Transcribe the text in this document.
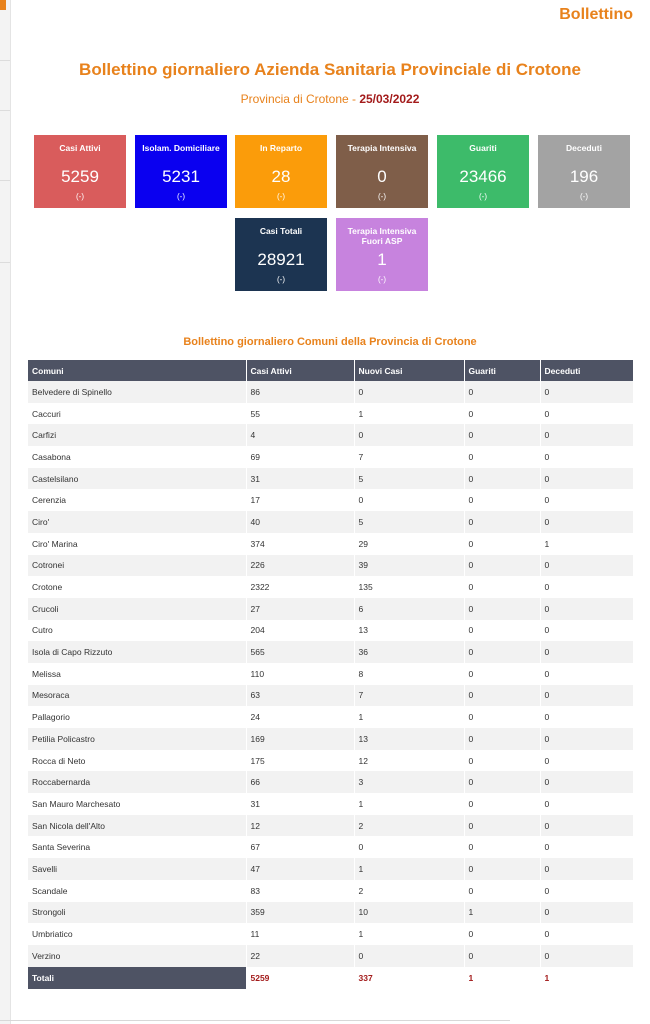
Bollettino
Bollettino giornaliero Azienda Sanitaria Provinciale di Crotone
Provincia di Crotone - 25/03/2022
Casi Attivi
5259
(-)
Isolam. Domiciliare
5231
(-)
In Reparto
28
(-)
Terapia Intensiva
0
(-)
Guariti
23466
(-)
Deceduti
196
(-)
Casi Totali
28921
(-)
Terapia Intensiva Fuori ASP
1
(-)
Bollettino giornaliero Comuni della Provincia di Crotone
Comuni	Casi Attivi	Nuovi Casi	Guariti	Deceduti
Belvedere di Spinello	86	0	0	0
Caccuri	55	1	0	0
Carfizi	4	0	0	0
Casabona	69	7	0	0
Castelsilano	31	5	0	0
Cerenzia	17	0	0	0
Ciro'	40	5	0	0
Ciro' Marina	374	29	0	1
Cotronei	226	39	0	0
Crotone	2322	135	0	0
Crucoli	27	6	0	0
Cutro	204	13	0	0
Isola di Capo Rizzuto	565	36	0	0
Melissa	110	8	0	0
Mesoraca	63	7	0	0
Pallagorio	24	1	0	0
Petilia Policastro	169	13	0	0
Rocca di Neto	175	12	0	0
Roccabernarda	66	3	0	0
San Mauro Marchesato	31	1	0	0
San Nicola dell'Alto	12	2	0	0
Santa Severina	67	0	0	0
Savelli	47	1	0	0
Scandale	83	2	0	0
Strongoli	359	10	1	0
Umbriatico	11	1	0	0
Verzino	22	0	0	0
Totali	5259	337	1	1
